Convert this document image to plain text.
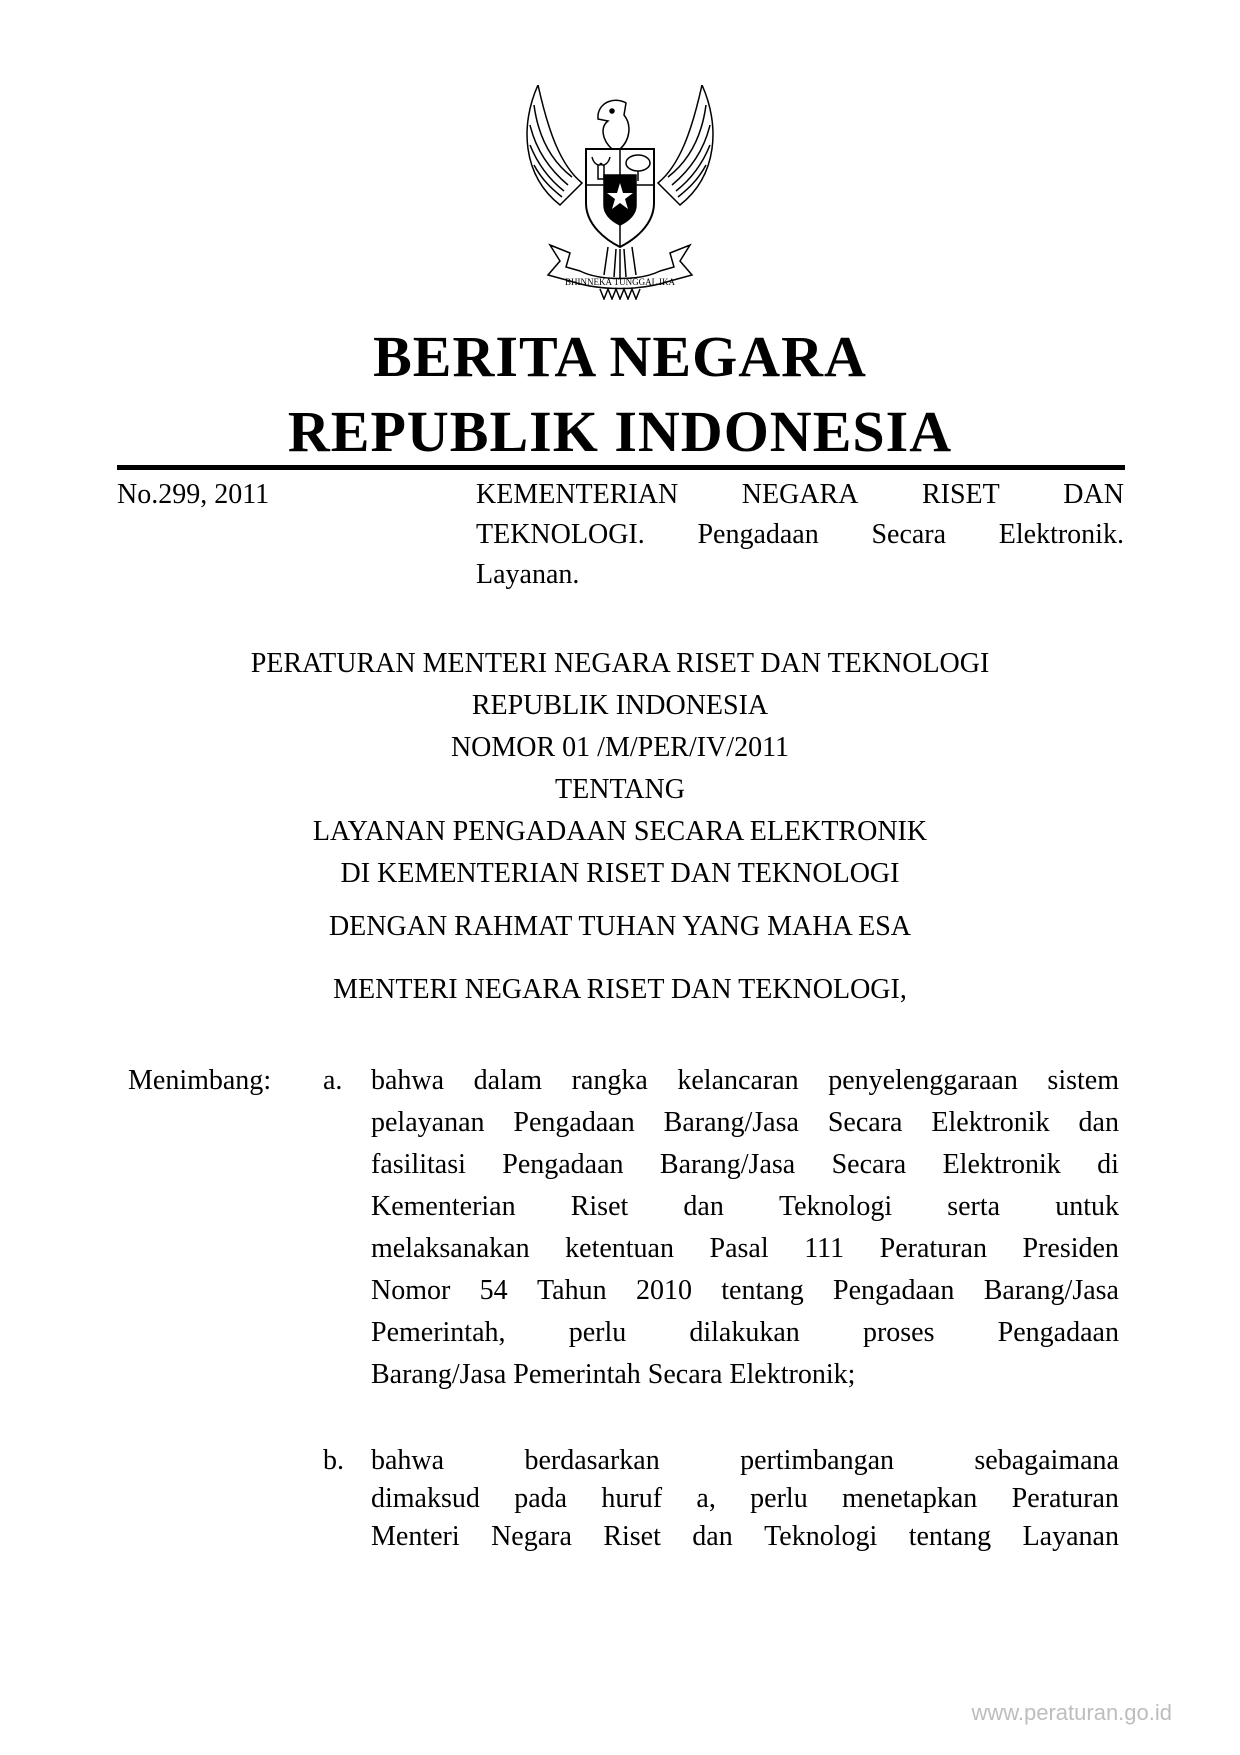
BHINNEKA TUNGGAL IKA
BERITA NEGARA
REPUBLIK INDONESIA
No.299, 2011	KEMENTERIAN NEGARA RISET DAN
TEKNOLOGI. Pengadaan Secara Elektronik.
Layanan.
PERATURAN MENTERI NEGARA RISET DAN TEKNOLOGI
REPUBLIK INDONESIA
NOMOR 01 /M/PER/IV/2011
TENTANG
LAYANAN PENGADAAN SECARA ELEKTRONIK
DI KEMENTERIAN RISET DAN TEKNOLOGI
DENGAN RAHMAT TUHAN YANG MAHA ESA
MENTERI NEGARA RISET DAN TEKNOLOGI,
Menimbang: a. bahwa dalam rangka kelancaran penyelenggaraan sistem
pelayanan Pengadaan Barang/Jasa Secara Elektronik dan
fasilitasi Pengadaan Barang/Jasa Secara Elektronik di
Kementerian Riset dan Teknologi serta untuk
melaksanakan ketentuan Pasal 111 Peraturan Presiden
Nomor 54 Tahun 2010 tentang Pengadaan Barang/Jasa
Pemerintah, perlu dilakukan proses Pengadaan
Barang/Jasa Pemerintah Secara Elektronik;
b. bahwa	berdasarkan	pertimbangan	sebagaimana
dimaksud pada huruf a, perlu menetapkan Peraturan
Menteri Negara Riset dan Teknologi tentang Layanan
www.peraturan.go.id
